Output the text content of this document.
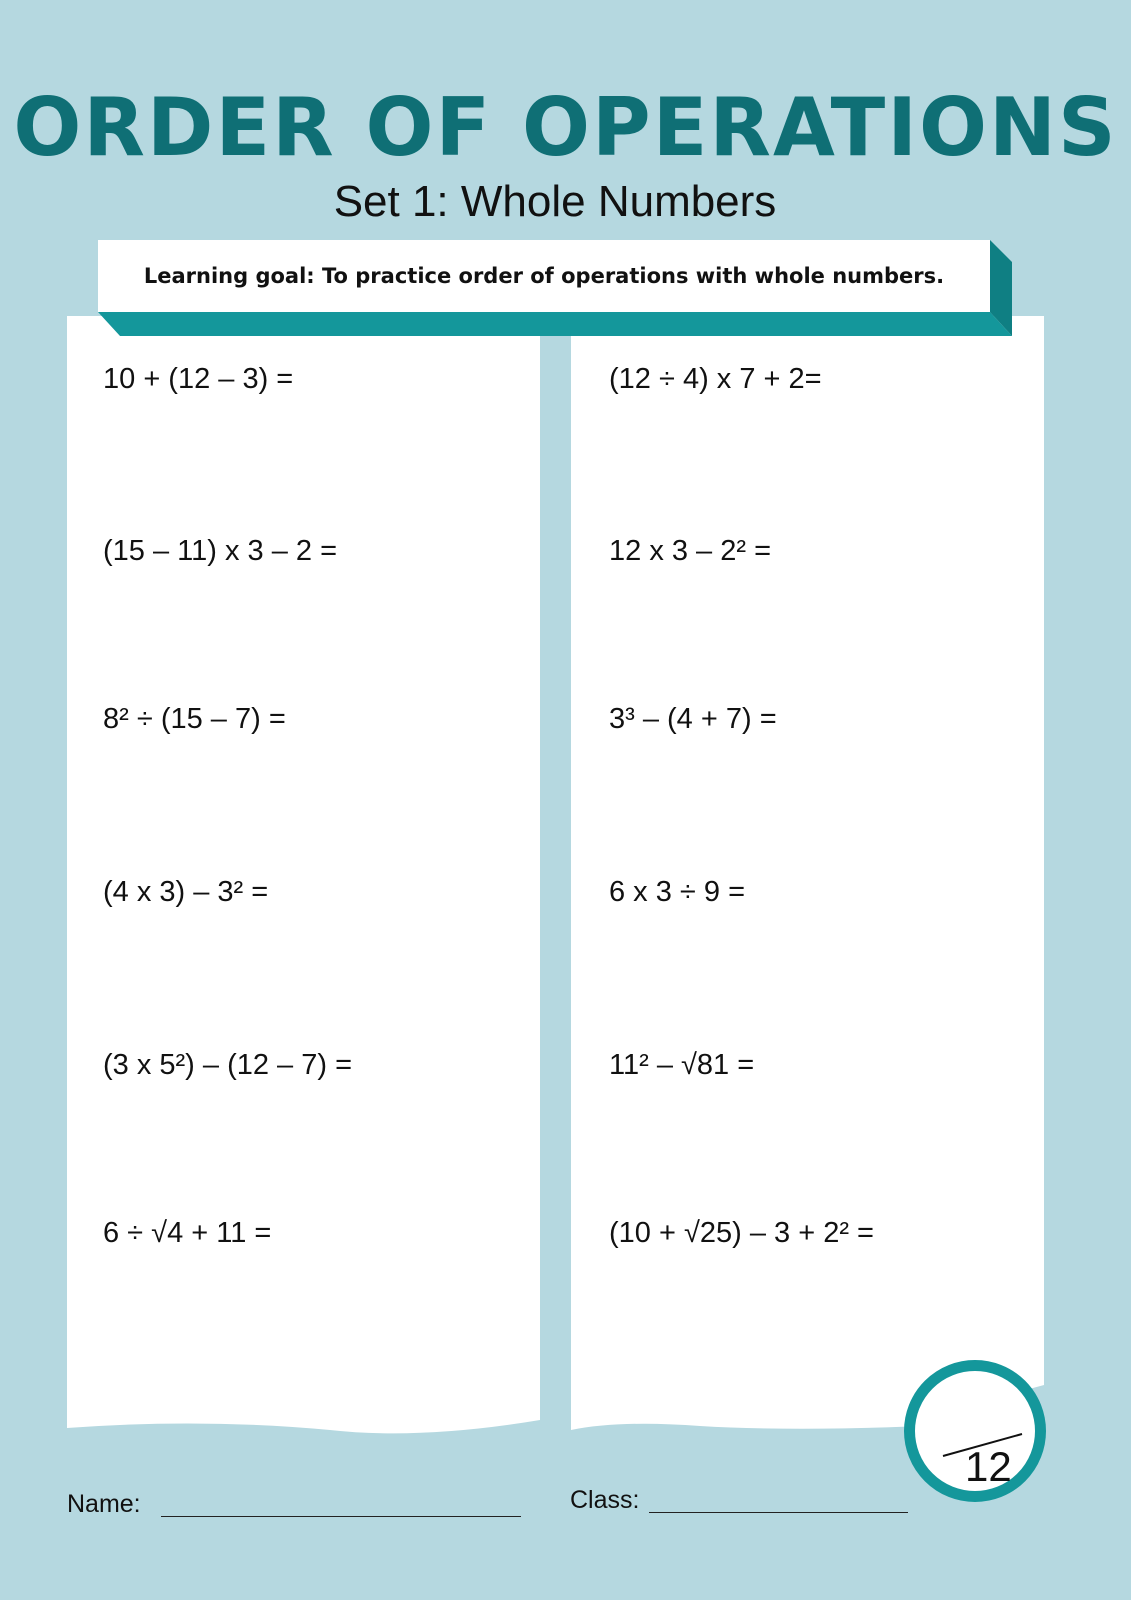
ORDER OF OPERATIONS
Set 1: Whole Numbers
Learning goal: To practice order of operations with whole numbers.
10 + (12 – 3) =
(15 – 11) x 3 – 2 =
8² ÷ (15 – 7) =
(4 x 3) – 3² =
(3 x 5²) – (12 – 7) =
6 ÷ √4 + 11 =
(12 ÷ 4) x 7 + 2=
12 x 3 – 2² =
3³ – (4 + 7) =
6 x 3 ÷ 9 =
11² – √81 =
(10 + √25) – 3 + 2² =
Name:	Class:
12
